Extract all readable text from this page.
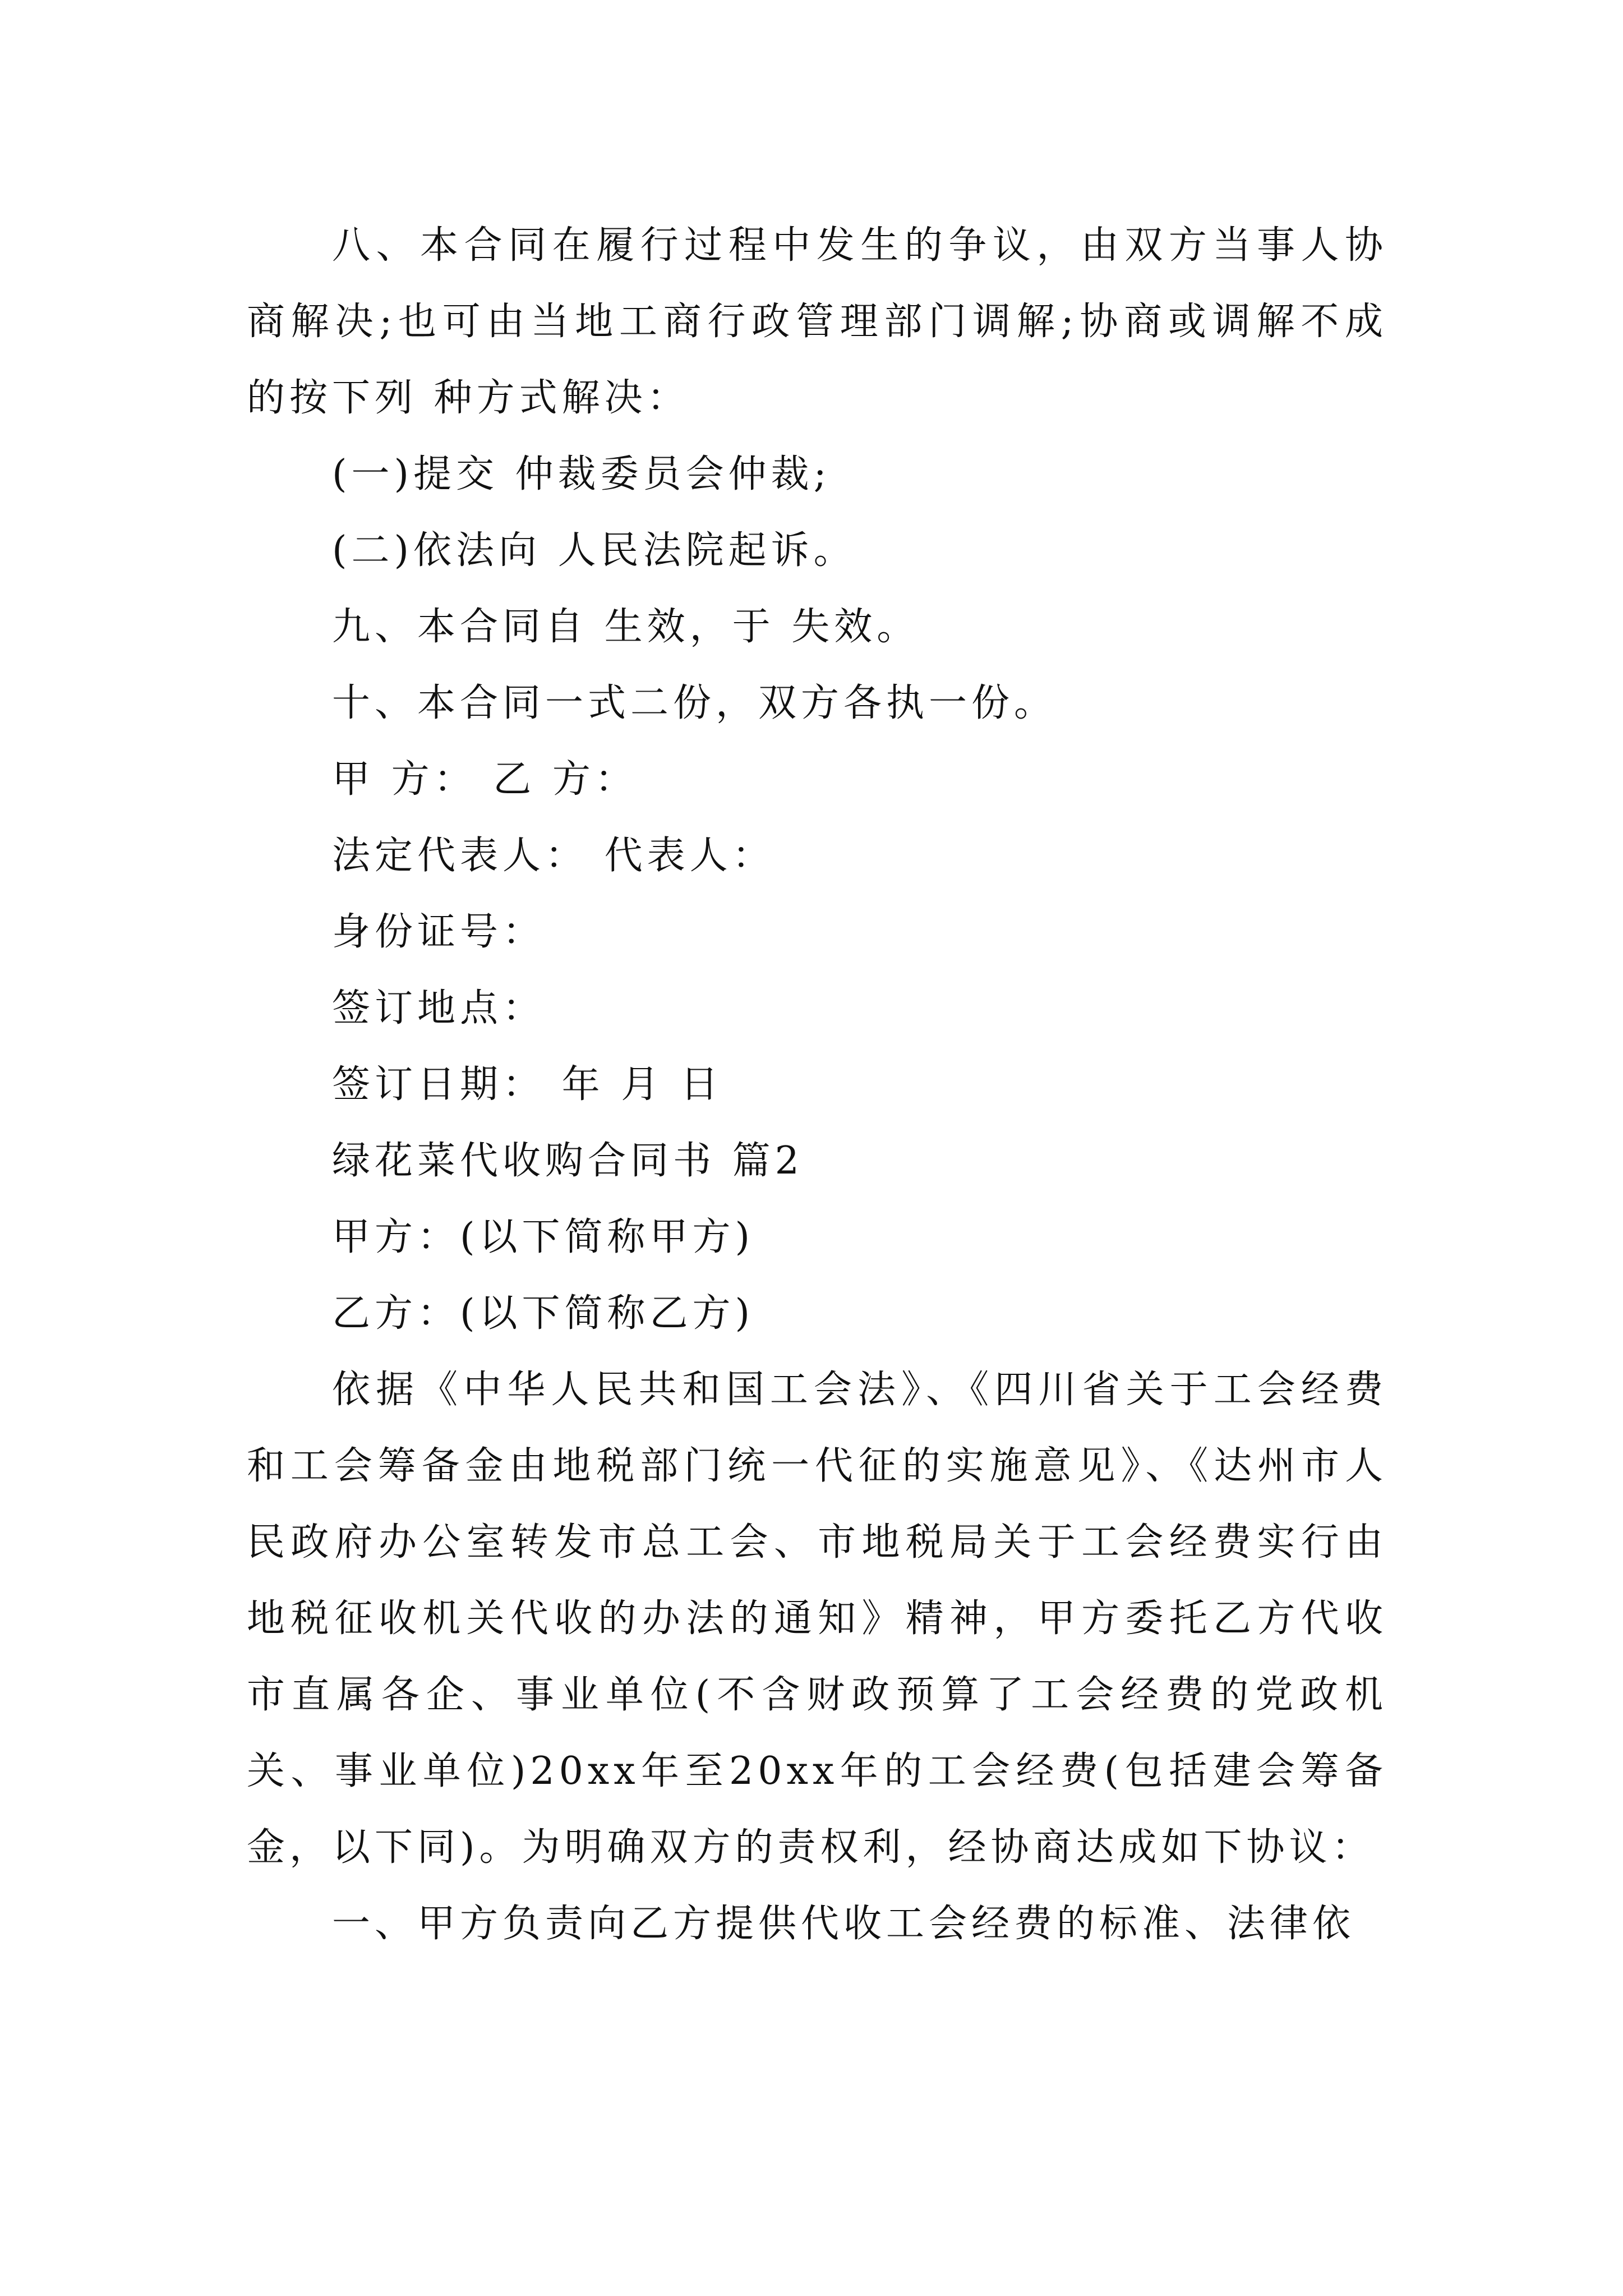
八、本合同在履行过程中发生的争议，由双方当事人协商解决;也可由当地工商行政管理部门调解;协商或调解不成的按下列 种方式解决：

(一)提交 仲裁委员会仲裁;

(二)依法向 人民法院起诉。

九、本合同自 生效，于 失效。

十、本合同一式二份，双方各执一份。

甲 方： 乙 方：

法定代表人： 代表人：

身份证号：

签订地点：

签订日期： 年 月 日

绿花菜代收购合同书 篇2

甲方：(以下简称甲方)

乙方：(以下简称乙方)

依据《中华人民共和国工会法》、《四川省关于工会经费和工会筹备金由地税部门统一代征的实施意见》、《达州市人民政府办公室转发市总工会、市地税局关于工会经费实行由地税征收机关代收的办法的通知》精神，甲方委托乙方代收市直属各企、事业单位(不含财政预算了工会经费的党政机关、事业单位)20xx年至20xx年的工会经费(包括建会筹备金，以下同)。为明确双方的责权利，经协商达成如下协议：

一、甲方负责向乙方提供代收工会经费的标准、法律依
